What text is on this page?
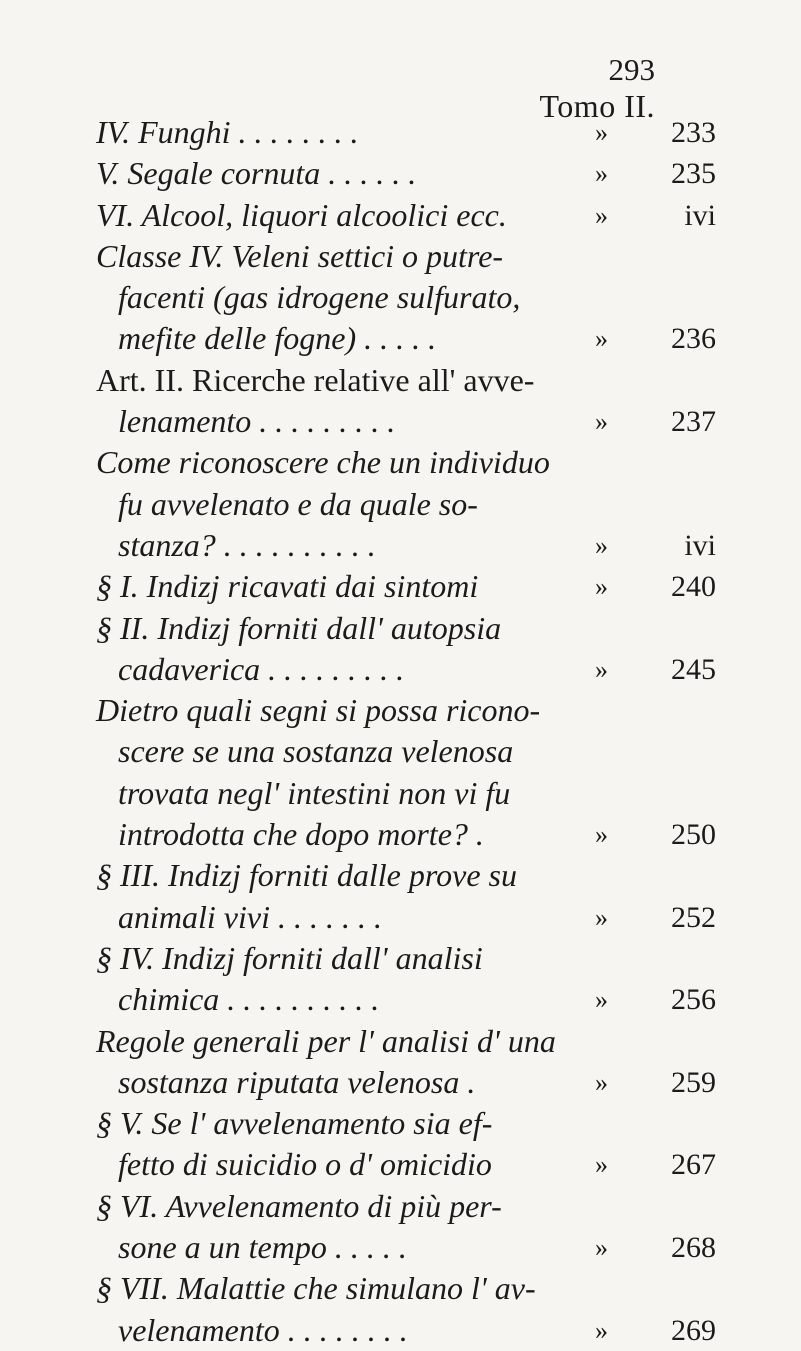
293
Tomo II.
IV. Funghi . . . . . . . .	»	233
V. Segale cornuta . . . . . .	»	235
VI. Alcool, liquori alcoolici ecc.	»	ivi
Classe IV. Veleni settici o putre-
facenti (gas idrogene sulfurato,
mefite delle fogne) . . . . .	»	236
Art. II. Ricerche relative all' avve-
lenamento . . . . . . . . .	»	237
Come riconoscere che un individuo
fu avvelenato e da quale so-
stanza? . . . . . . . . . .	»	ivi
§ I. Indizj ricavati dai sintomi	»	240
§ II. Indizj forniti dall' autopsia
cadaverica . . . . . . . . .	»	245
Dietro quali segni si possa ricono-
scere se una sostanza velenosa
trovata negl' intestini non vi fu
introdotta che dopo morte? .	»	250
§ III. Indizj forniti dalle prove su
animali vivi . . . . . . .	»	252
§ IV. Indizj forniti dall' analisi
chimica . . . . . . . . . .	»	256
Regole generali per l' analisi d' una
sostanza riputata velenosa .	»	259
§ V. Se l' avvelenamento sia ef-
fetto di suicidio o d' omicidio	»	267
§ VI. Avvelenamento di più per-
sone a un tempo . . . . .	»	268
§ VII. Malattie che simulano l' av-
velenamento . . . . . . . .	»	269
